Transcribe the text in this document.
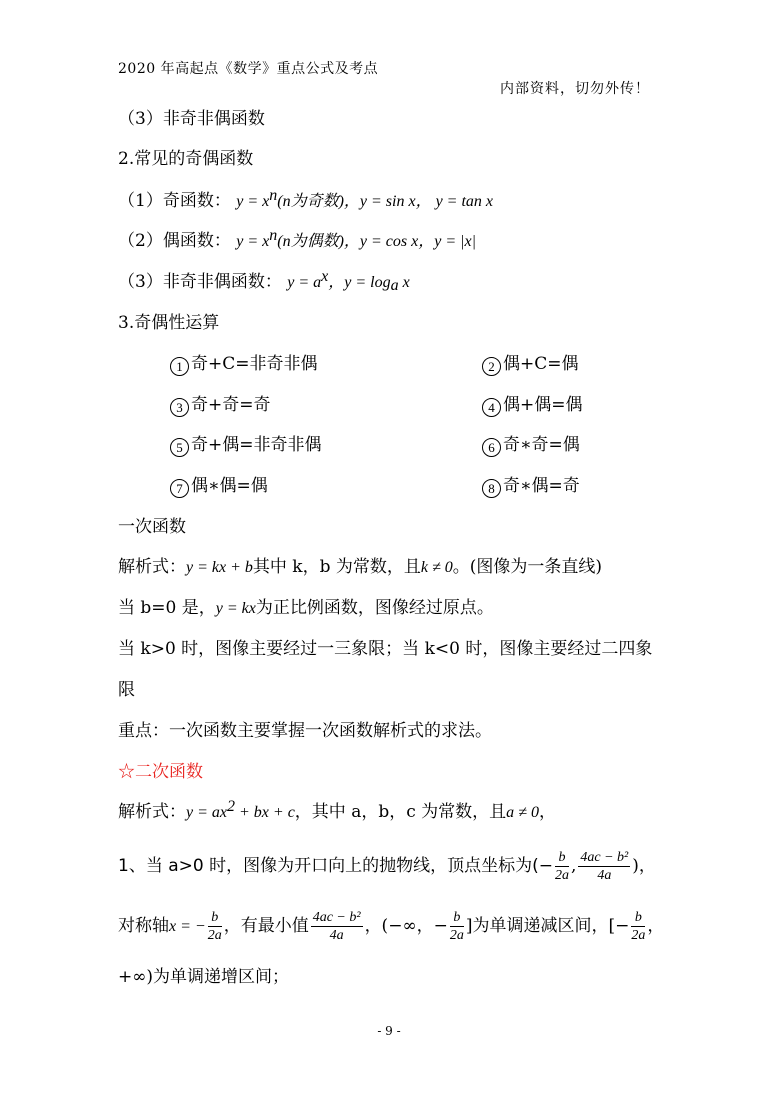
2020 年高起点《数学》重点公式及考点
内部资料，切勿外传！
（3）非奇非偶函数
2.常见的奇偶函数
（1）奇函数： $y = x^n(n$为奇数)，y = sin x， y = tan x
（2）偶函数： $y = x^n(n$为偶数)，y = cos x，y = |x|
（3）非奇非偶函数： $y = a^x$，$y = \log_a x$
3.奇偶性运算
1 奇+C=非奇非偶	2 偶+C=偶
3 奇+奇=奇	4 偶+偶=偶
5 奇+偶=非奇非偶	6 奇∗奇=偶
7 偶∗偶=偶	8 奇∗偶=奇
一次函数
解析式：y = kx + b其中 k，b 为常数，且k ≠ 0。(图像为一条直线)
当 b=0 是，y = kx为正比例函数，图像经过原点。
当 k>0 时，图像主要经过一三象限；当 k<0 时，图像主要经过二四象
限
重点：一次函数主要掌握一次函数解析式的求法。
☆二次函数
解析式：$y = ax^2$ + bx + c，其中 a，b，c 为常数，且a ≠ 0，
1、当 a>0 时，图像为开口向上的抛物线，顶点坐标为(− $\frac{b}{2a}$ , $\frac{\text{4ac − b²}}{4a}$ )，
对称轴x = − $\frac{b}{2a}$ ，有最小值 $\frac{\text{4ac − b²}}{4a}$ ，(−∞，− $\frac{b}{2a}$ ]为单调递减区间，[− $\frac{b}{2a}$ ，
+∞)为单调递增区间；
- 9 -
